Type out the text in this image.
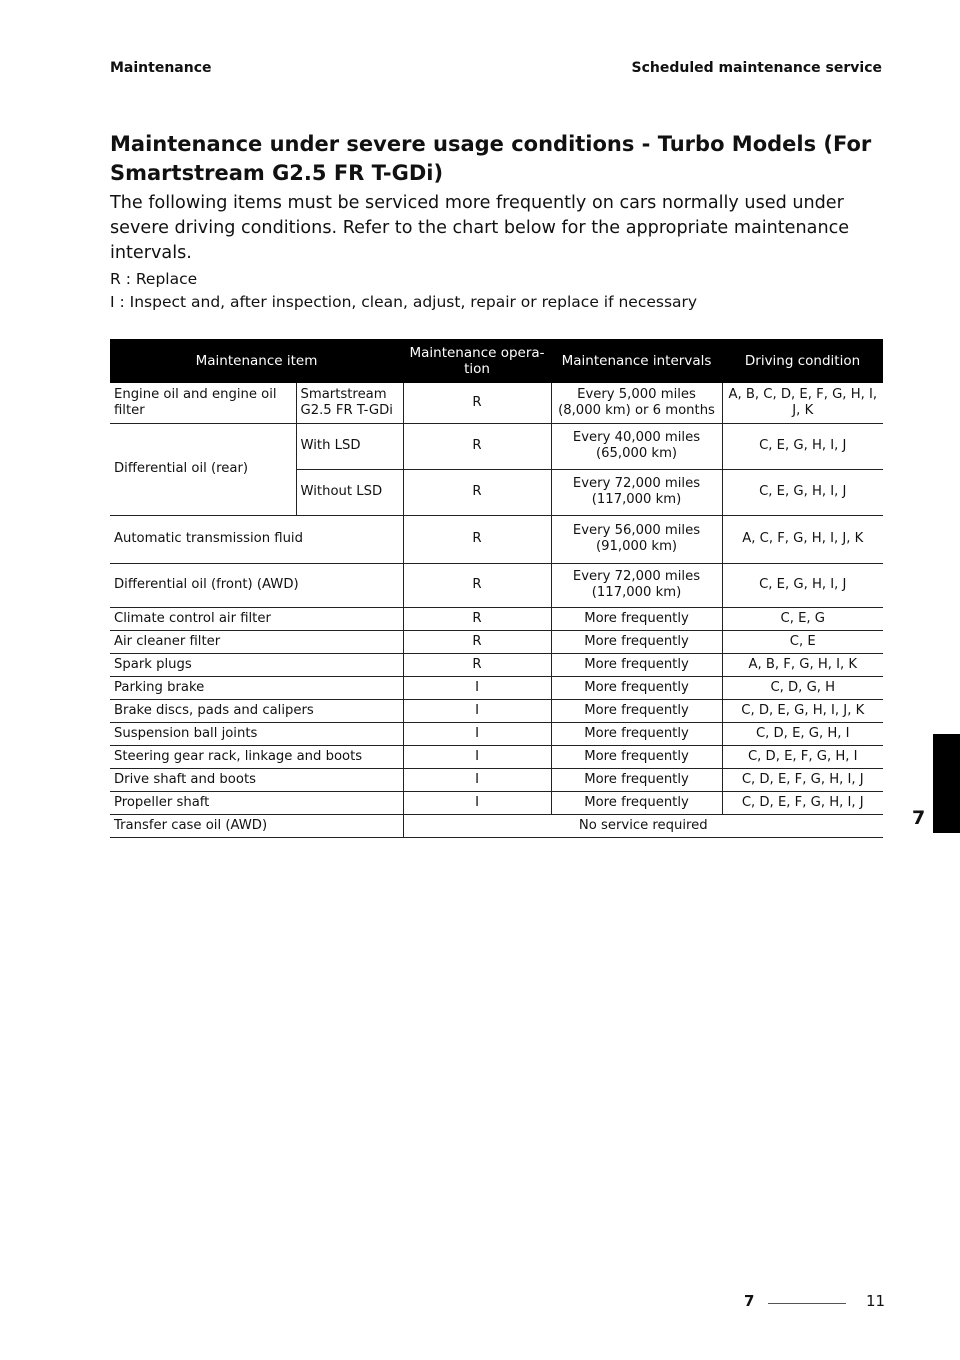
Maintenance	Scheduled maintenance service
Maintenance under severe usage conditions - Turbo Models (For Smartstream G2.5 FR T-GDi)

The following items must be serviced more frequently on cars normally used under severe driving conditions. Refer to the chart below for the appropriate maintenance intervals.

R : Replace
I : Inspect and, after inspection, clean, adjust, repair or replace if necessary
Maintenance item		Maintenance opera-tion	Maintenance intervals	Driving condition
Engine oil and engine oil filter	Smartstream G2.5 FR T-GDi	R	Every 5,000 miles (8,000 km) or 6 months	A, B, C, D, E, F, G, H, I, J, K
Differential oil (rear)	With LSD	R	Every 40,000 miles (65,000 km)	C, E, G, H, I, J
	Without LSD	R	Every 72,000 miles (117,000 km)	C, E, G, H, I, J
Automatic transmission fluid		R	Every 56,000 miles (91,000 km)	A, C, F, G, H, I, J, K
Differential oil (front) (AWD)		R	Every 72,000 miles (117,000 km)	C, E, G, H, I, J
Climate control air filter		R	More frequently	C, E, G
Air cleaner filter		R	More frequently	C, E
Spark plugs		R	More frequently	A, B, F, G, H, I, K
Parking brake		I	More frequently	C, D, G, H
Brake discs, pads and calipers		I	More frequently	C, D, E, G, H, I, J, K
Suspension ball joints		I	More frequently	C, D, E, G, H, I
Steering gear rack, linkage and boots		I	More frequently	C, D, E, F, G, H, I
Drive shaft and boots		I	More frequently	C, D, E, F, G, H, I, J
Propeller shaft		I	More frequently	C, D, E, F, G, H, I, J
Transfer case oil (AWD)		No service required			7
7	11
